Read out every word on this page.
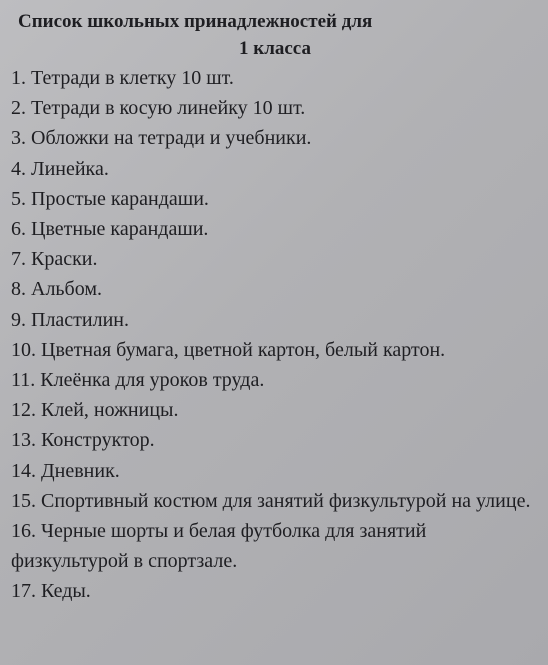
Список школьных принадлежностей для
1 класса
1. Тетради в клетку 10 шт.
2. Тетради в косую линейку 10 шт.
3. Обложки на тетради и учебники.
4. Линейка.
5. Простые карандаши.
6. Цветные карандаши.
7. Краски.
8. Альбом.
9. Пластилин.
10. Цветная бумага, цветной картон, белый картон.
11. Клеёнка для уроков труда.
12. Клей, ножницы.
13. Конструктор.
14. Дневник.
15. Спортивный костюм для занятий физкультурой на улице.
16. Черные шорты и белая футболка для занятий физкультурой в спортзале.
17. Кеды.
